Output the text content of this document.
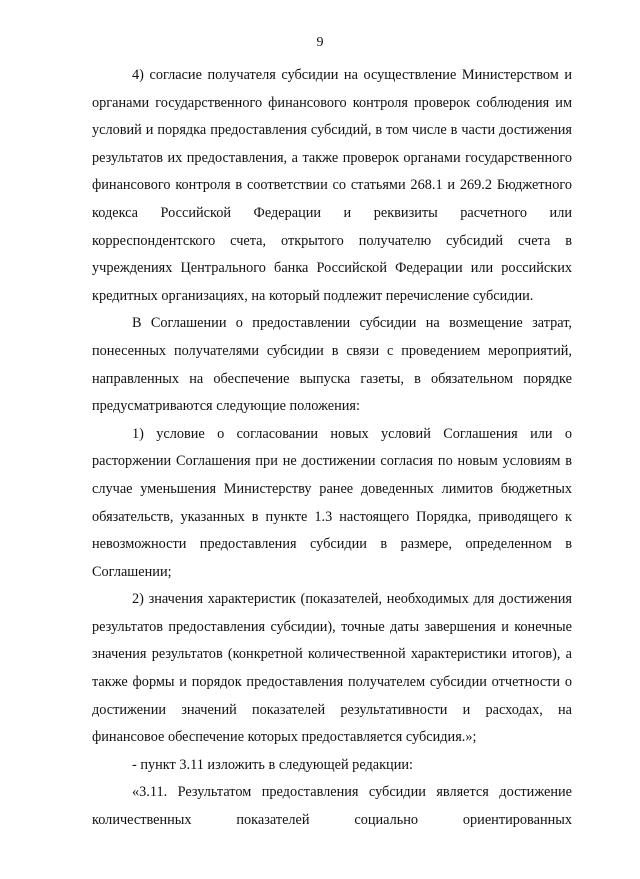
9

4) согласие получателя субсидии на осуществление Министерством и органами государственного финансового контроля проверок соблюдения им условий и порядка предоставления субсидий, в том числе в части достижения результатов их предоставления, а также проверок органами государственного финансового контроля в соответствии со статьями 268.1 и 269.2 Бюджетного кодекса Российской Федерации и реквизиты расчетного или корреспондентского счета, открытого получателю субсидий счета в учреждениях Центрального банка Российской Федерации или российских кредитных организациях, на который подлежит перечисление субсидии.

В Соглашении о предоставлении субсидии на возмещение затрат, понесенных получателями субсидии в связи с проведением мероприятий, направленных на обеспечение выпуска газеты, в обязательном порядке предусматриваются следующие положения:

1) условие о согласовании новых условий Соглашения или о расторжении Соглашения при не достижении согласия по новым условиям в случае уменьшения Министерству ранее доведенных лимитов бюджетных обязательств, указанных в пункте 1.3 настоящего Порядка, приводящего к невозможности предоставления субсидии в размере, определенном в Соглашении;

2) значения характеристик (показателей, необходимых для достижения результатов предоставления субсидии), точные даты завершения и конечные значения результатов (конкретной количественной характеристики итогов), а также формы и порядок предоставления получателем субсидии отчетности о достижении значений показателей результативности и расходах, на финансовое обеспечение которых предоставляется субсидия.»;

- пункт 3.11 изложить в следующей редакции:

«3.11. Результатом предоставления субсидии является достижение количественных показателей социально ориентированных
